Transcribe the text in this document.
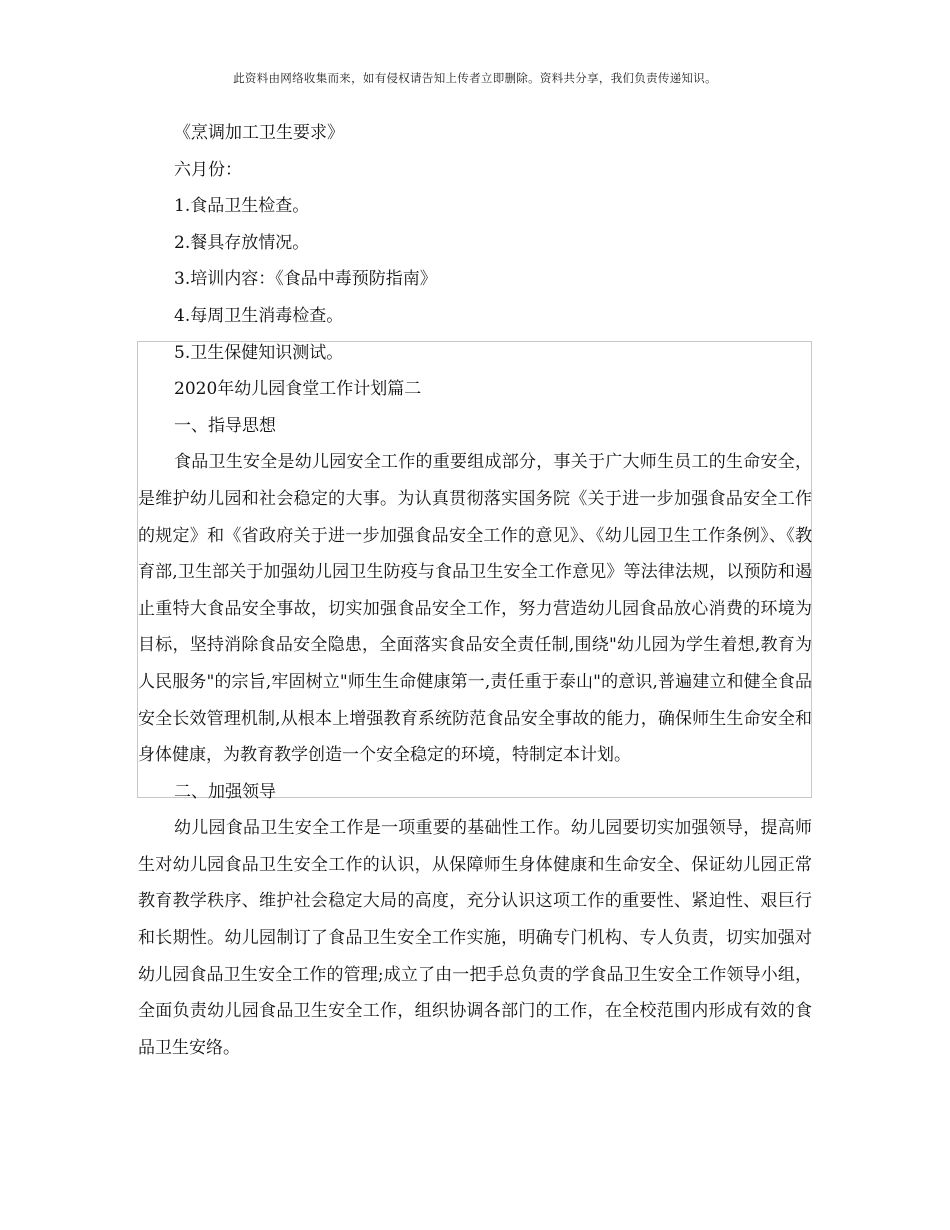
此资料由网络收集而来，如有侵权请告知上传者立即删除。资料共分享，我们负责传递知识。
《烹调加工卫生要求》
六月份：
1.食品卫生检查。
2.餐具存放情况。
3.培训内容：《食品中毒预防指南》
4.每周卫生消毒检查。
5.卫生保健知识测试。
2020年幼儿园食堂工作计划篇二
一、指导思想

食品卫生安全是幼儿园安全工作的重要组成部分，事关于广大师生员工的生命安全，是维护幼儿园和社会稳定的大事。为认真贯彻落实国务院《关于进一步加强食品安全工作的规定》和《省政府关于进一步加强食品安全工作的意见》、《幼儿园卫生工作条例》、《教育部,卫生部关于加强幼儿园卫生防疫与食品卫生安全工作意见》等法律法规，以预防和遏止重特大食品安全事故，切实加强食品安全工作，努力营造幼儿园食品放心消费的环境为目标，坚持消除食品安全隐患，全面落实食品安全责任制,围绕"幼儿园为学生着想,教育为人民服务"的宗旨,牢固树立"师生生命健康第一,责任重于泰山"的意识,普遍建立和健全食品安全长效管理机制,从根本上增强教育系统防范食品安全事故的能力，确保师生生命安全和身体健康，为教育教学创造一个安全稳定的环境，特制定本计划。

二、加强领导

幼儿园食品卫生安全工作是一项重要的基础性工作。幼儿园要切实加强领导，提高师生对幼儿园食品卫生安全工作的认识，从保障师生身体健康和生命安全、保证幼儿园正常教育教学秩序、维护社会稳定大局的高度，充分认识这项工作的重要性、紧迫性、艰巨行和长期性。幼儿园制订了食品卫生安全工作实施，明确专门机构、专人负责，切实加强对幼儿园食品卫生安全工作的管理;成立了由一把手总负责的学食品卫生安全工作领导小组，全面负责幼儿园食品卫生安全工作，组织协调各部门的工作，在全校范围内形成有效的食品卫生安络。
